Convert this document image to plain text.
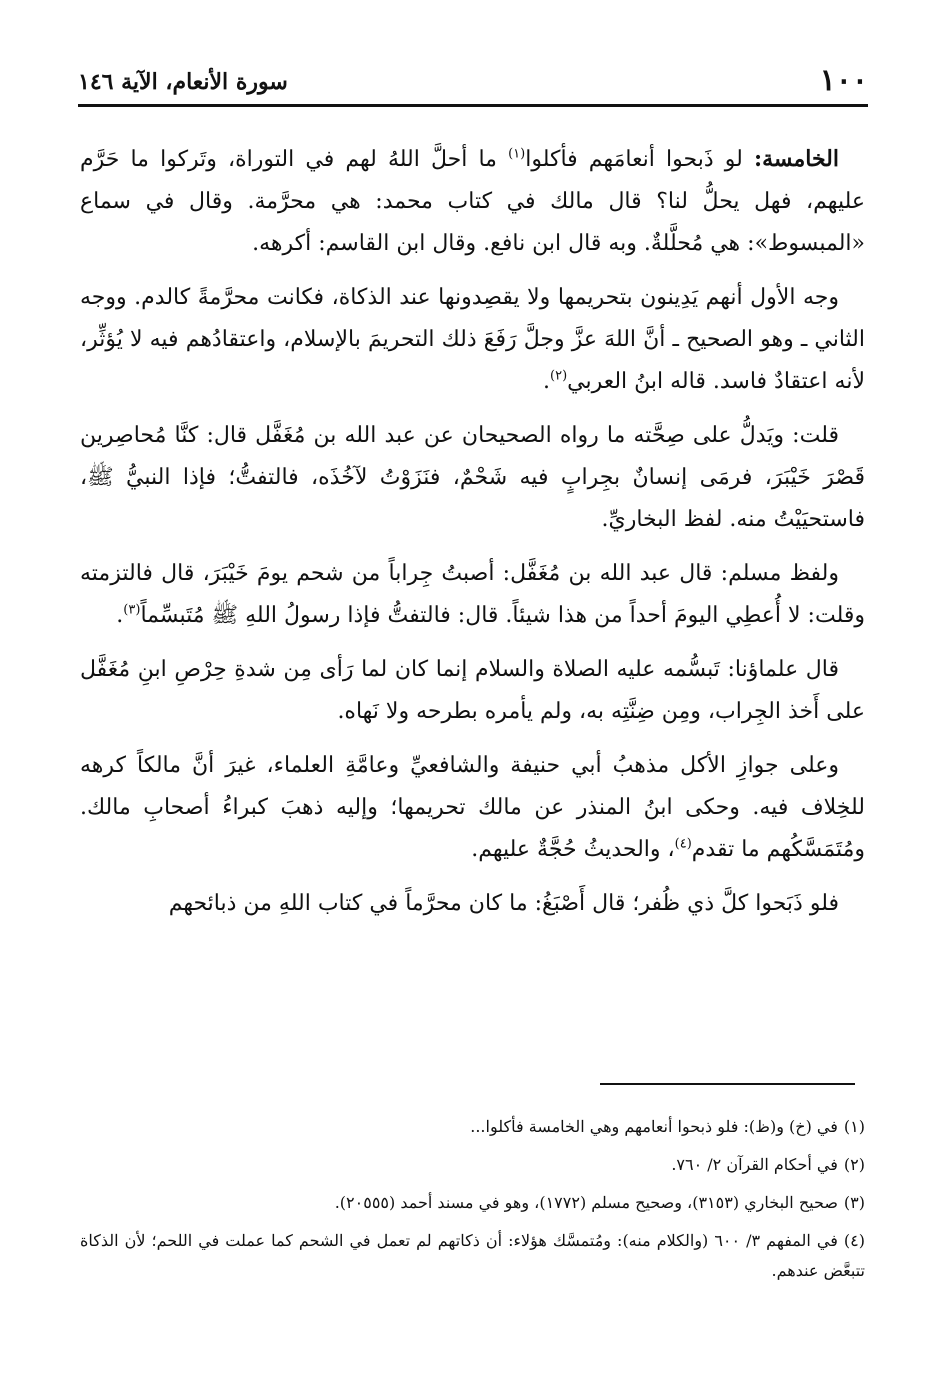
١٠٠
سورة الأنعام، الآية ١٤٦

الخامسة: لو ذَبحوا أنعامَهم فأكلوا$^{(١)}$ ما أحلَّ اللهُ لهم في التوراة، وتَركوا ما حَرَّم عليهم، فهل يحلُّ لنا؟ قال مالك في كتاب محمد: هي محرَّمة. وقال في سماع «المبسوط»: هي مُحلَّلةٌ. وبه قال ابن نافع. وقال ابن القاسم: أكرهه.

وجه الأول أنهم يَدِينون بتحريمها ولا يقصِدونها عند الذكاة، فكانت محرَّمةً كالدم. ووجه الثاني ـ وهو الصحيح ـ أنَّ اللهَ عزَّ وجلَّ رَفَعَ ذلك التحريمَ بالإسلام، واعتقادُهم فيه لا يُؤثِّر، لأنه اعتقادٌ فاسد. قاله ابنُ العربي$^{(٢)}$.

قلت: ويَدلُّ على صِحَّته ما رواه الصحيحان عن عبد الله بن مُغَفَّل قال: كنَّا مُحاصِرين قَصْرَ خَيْبَرَ، فرمَى إنسانٌ بجِرابٍ فيه شَحْمٌ، فنَزَوْتُ لآخُذَه، فالتفتُّ؛ فإذا النبيُّ ﷺ، فاستحيَيْتُ منه. لفظ البخاريِّ.

ولفظ مسلم: قال عبد الله بن مُغَفَّل: أصبتُ جِراباً من شحم يومَ خَيْبَرَ، قال فالتزمته وقلت: لا أُعطِي اليومَ أحداً من هذا شيئاً. قال: فالتفتُّ فإذا رسولُ اللهِ ﷺ مُتَبسِّماً$^{(٣)}$.

قال علماؤنا: تَبسُّمه عليه الصلاة والسلام إنما كان لما رَأى مِن شدةِ حِرْصِ ابنِ مُغَفَّل على أَخذ الجِراب، ومِن ضِنَّتِه به، ولم يأمره بطرحه ولا نَهاه.

وعلى جوازِ الأكل مذهبُ أبي حنيفة والشافعيِّ وعامَّةِ العلماء، غيرَ أنَّ مالكاً كرهه للخِلاف فيه. وحكى ابنُ المنذر عن مالك تحريمها؛ وإليه ذهبَ كبراءُ أصحابِ مالك. ومُتَمَسَّكُهم ما تقدم$^{(٤)}$، والحديثُ حُجَّةٌ عليهم.

فلو ذَبَحوا كلَّ ذي ظُفر؛ قال أَصْبَغُ: ما كان محرَّماً في كتاب اللهِ من ذبائحهم

(١)في (خ) و(ظ): فلو ذبحوا أنعامهم وهي الخامسة فأكلوا...

(٢)في أحكام القرآن ٢/ ٧٦٠.

(٣)صحيح البخاري (٣١٥٣)، وصحيح مسلم (١٧٧٢)، وهو في مسند أحمد (٢٠٥٥٥).

(٤)في المفهم ٣/ ٦٠٠ (والكلام منه): ومُتمسَّك هؤلاء: أن ذكاتهم لم تعمل في الشحم كما عملت في اللحم؛ لأن الذكاة تتبعَّض عندهم.
